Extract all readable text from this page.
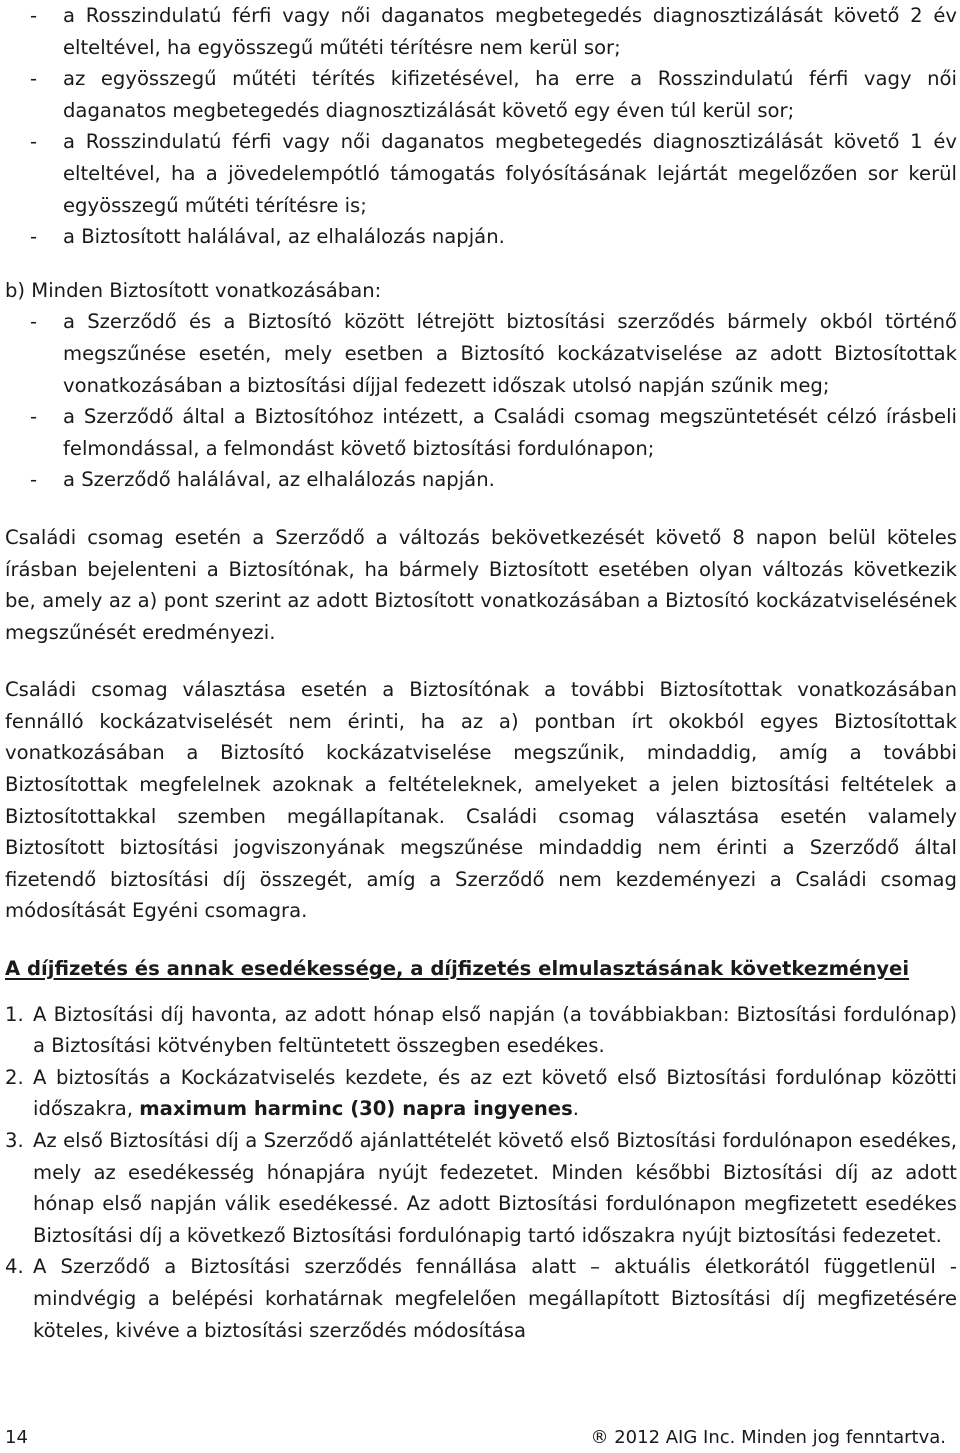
- a Rosszindulatú férfi vagy női daganatos megbetegedés diagnosztizálását követő 2 év elteltével, ha egyösszegű műtéti térítésre nem kerül sor;
- az egyösszegű műtéti térítés kifizetésével, ha erre a Rosszindulatú férfi vagy női daganatos megbetegedés diagnosztizálását követő egy éven túl kerül sor;
- a Rosszindulatú férfi vagy női daganatos megbetegedés diagnosztizálását követő 1 év elteltével, ha a jövedelempótló támogatás folyósításának lejártát megelőzően sor kerül egyösszegű műtéti térítésre is;
- a Biztosított halálával, az elhalálozás napján.

b) Minden Biztosított vonatkozásában:

- a Szerződő és a Biztosító között létrejött biztosítási szerződés bármely okból történő megszűnése esetén, mely esetben a Biztosító kockázatviselése az adott Biztosítottak vonatkozásában a biztosítási díjjal fedezett időszak utolsó napján szűnik meg;
- a Szerződő által a Biztosítóhoz intézett, a Családi csomag megszüntetését célzó írásbeli felmondással, a felmondást követő biztosítási fordulónapon;
- a Szerződő halálával, az elhalálozás napján.

Családi csomag esetén a Szerződő a változás bekövetkezését követő 8 napon belül köteles írásban bejelenteni a Biztosítónak, ha bármely Biztosított esetében olyan változás következik be, amely az a) pont szerint az adott Biztosított vonatkozásában a Biztosító kockázatviselésének megszűnését eredményezi.

Családi csomag választása esetén a Biztosítónak a további Biztosítottak vonatkozásában fennálló kockázatviselését nem érinti, ha az a) pontban írt okokból egyes Biztosítottak vonatkozásában a Biztosító kockázatviselése megszűnik, mindaddig, amíg a további Biztosítottak megfelelnek azoknak a feltételeknek, amelyeket a jelen biztosítási feltételek a Biztosítottakkal szemben megállapítanak. Családi csomag választása esetén valamely Biztosított biztosítási jogviszonyának megszűnése mindaddig nem érinti a Szerződő által fizetendő biztosítási díj összegét, amíg a Szerződő nem kezdeményezi a Családi csomag módosítását Egyéni csomagra.

A díjfizetés és annak esedékessége, a díjfizetés elmulasztásának következményei
1. A Biztosítási díj havonta, az adott hónap első napján (a továbbiakban: Biztosítási fordulónap) a Biztosítási kötvényben feltüntetett összegben esedékes.
2. A biztosítás a Kockázatviselés kezdete, és az ezt követő első Biztosítási fordulónap közötti időszakra, maximum harminc (30) napra ingyenes.
3. Az első Biztosítási díj a Szerződő ajánlattételét követő első Biztosítási fordulónapon esedékes, mely az esedékesség hónapjára nyújt fedezetet. Minden későbbi Biztosítási díj az adott hónap első napján válik esedékessé. Az adott Biztosítási fordulónapon megfizetett esedékes Biztosítási díj a következő Biztosítási fordulónapig tartó időszakra nyújt biztosítási fedezetet.
4. A Szerződő a Biztosítási szerződés fennállása alatt – aktuális életkorától függetlenül - mindvégig a belépési korhatárnak megfelelően megállapított Biztosítási díj megfizetésére köteles, kivéve a biztosítási szerződés módosítása
14	® 2012 AIG Inc. Minden jog fenntartva.
